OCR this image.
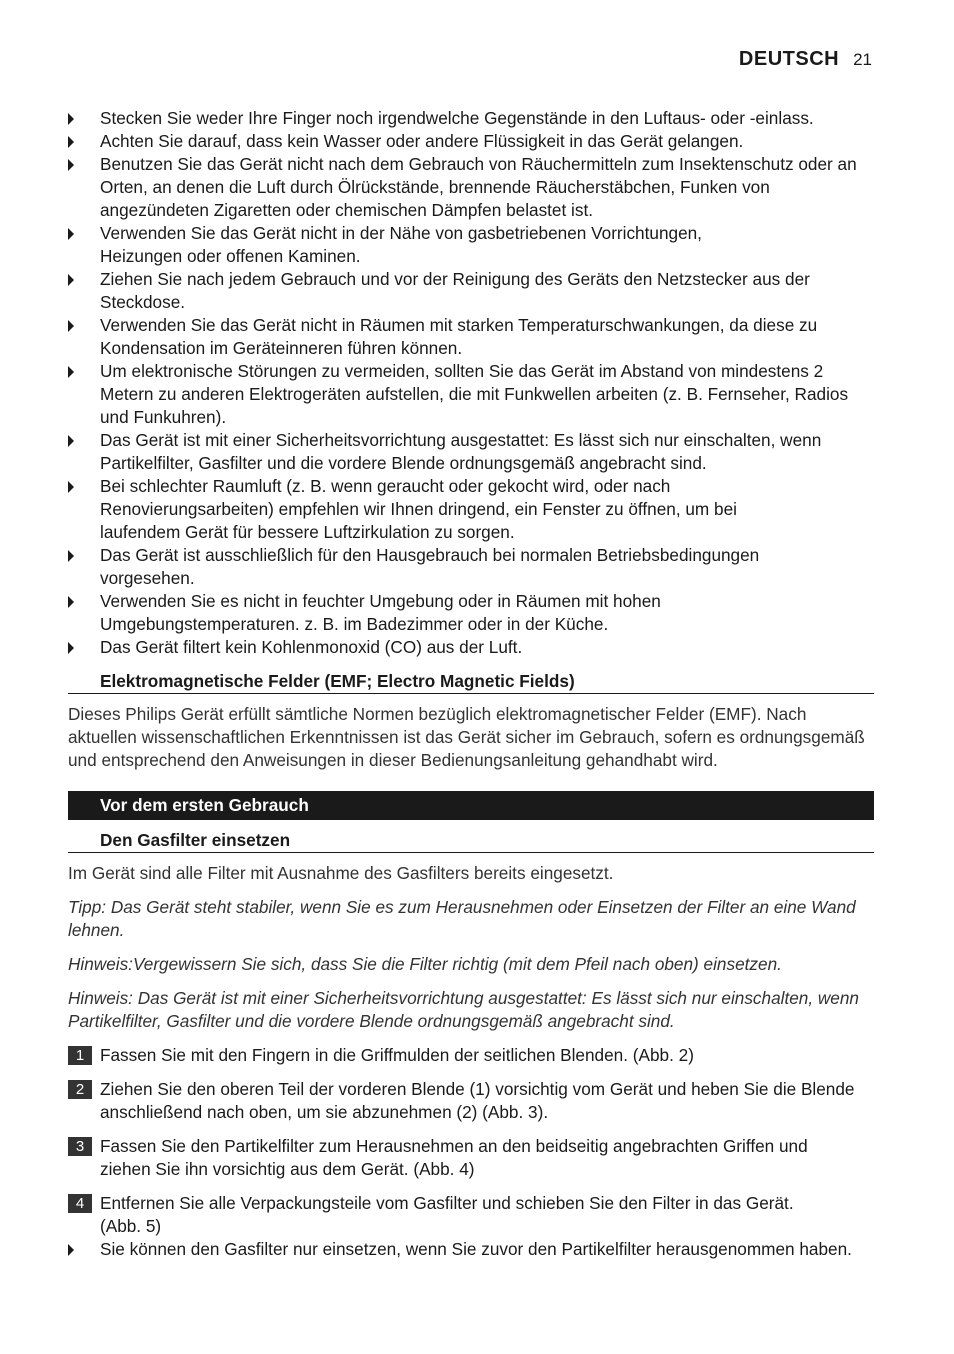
DEUTSCH 21
Stecken Sie weder Ihre Finger noch irgendwelche Gegenstände in den Luftaus- oder -einlass.
Achten Sie darauf, dass kein Wasser oder andere Flüssigkeit in das Gerät gelangen.
Benutzen Sie das Gerät nicht nach dem Gebrauch von Räuchermitteln zum Insektenschutz oder an Orten, an denen die Luft durch Ölrückstände, brennende Räucherstäbchen, Funken von angezündeten Zigaretten oder chemischen Dämpfen belastet ist.
Verwenden Sie das Gerät nicht in der Nähe von gasbetriebenen Vorrichtungen, Heizungen oder offenen Kaminen.
Ziehen Sie nach jedem Gebrauch und vor der Reinigung des Geräts den Netzstecker aus der Steckdose.
Verwenden Sie das Gerät nicht in Räumen mit starken Temperaturschwankungen, da diese zu Kondensation im Geräteinneren führen können.
Um elektronische Störungen zu vermeiden, sollten Sie das Gerät im Abstand von mindestens 2 Metern zu anderen Elektrogeräten aufstellen, die mit Funkwellen arbeiten (z. B. Fernseher, Radios und Funkuhren).
Das Gerät ist mit einer Sicherheitsvorrichtung ausgestattet: Es lässt sich nur einschalten, wenn Partikelfilter, Gasfilter und die vordere Blende ordnungsgemäß angebracht sind.
Bei schlechter Raumluft (z. B. wenn geraucht oder gekocht wird, oder nach Renovierungsarbeiten) empfehlen wir Ihnen dringend, ein Fenster zu öffnen, um bei laufendem Gerät für bessere Luftzirkulation zu sorgen.
Das Gerät ist ausschließlich für den Hausgebrauch bei normalen Betriebsbedingungen vorgesehen.
Verwenden Sie es nicht in feuchter Umgebung oder in Räumen mit hohen Umgebungstemperaturen. z. B. im Badezimmer oder in der Küche.
Das Gerät filtert kein Kohlenmonoxid (CO) aus der Luft.
Elektromagnetische Felder (EMF; Electro Magnetic Fields)
Dieses Philips Gerät erfüllt sämtliche Normen bezüglich elektromagnetischer Felder (EMF). Nach aktuellen wissenschaftlichen Erkenntnissen ist das Gerät sicher im Gebrauch, sofern es ordnungsgemäß und entsprechend den Anweisungen in dieser Bedienungsanleitung gehandhabt wird.
Vor dem ersten Gebrauch
Den Gasfilter einsetzen
Im Gerät sind alle Filter mit Ausnahme des Gasfilters bereits eingesetzt.
Tipp: Das Gerät steht stabiler, wenn Sie es zum Herausnehmen oder Einsetzen der Filter an eine Wand lehnen.
Hinweis:Vergewissern Sie sich, dass Sie die Filter richtig (mit dem Pfeil nach oben) einsetzen.
Hinweis: Das Gerät ist mit einer Sicherheitsvorrichtung ausgestattet: Es lässt sich nur einschalten, wenn Partikelfilter, Gasfilter und die vordere Blende ordnungsgemäß angebracht sind.
1 Fassen Sie mit den Fingern in die Griffmulden der seitlichen Blenden. (Abb. 2)
2 Ziehen Sie den oberen Teil der vorderen Blende (1) vorsichtig vom Gerät und heben Sie die Blende anschließend nach oben, um sie abzunehmen (2) (Abb. 3).
3 Fassen Sie den Partikelfilter zum Herausnehmen an den beidseitig angebrachten Griffen und ziehen Sie ihn vorsichtig aus dem Gerät. (Abb. 4)
4 Entfernen Sie alle Verpackungsteile vom Gasfilter und schieben Sie den Filter in das Gerät. (Abb. 5)
Sie können den Gasfilter nur einsetzen, wenn Sie zuvor den Partikelfilter herausgenommen haben.
